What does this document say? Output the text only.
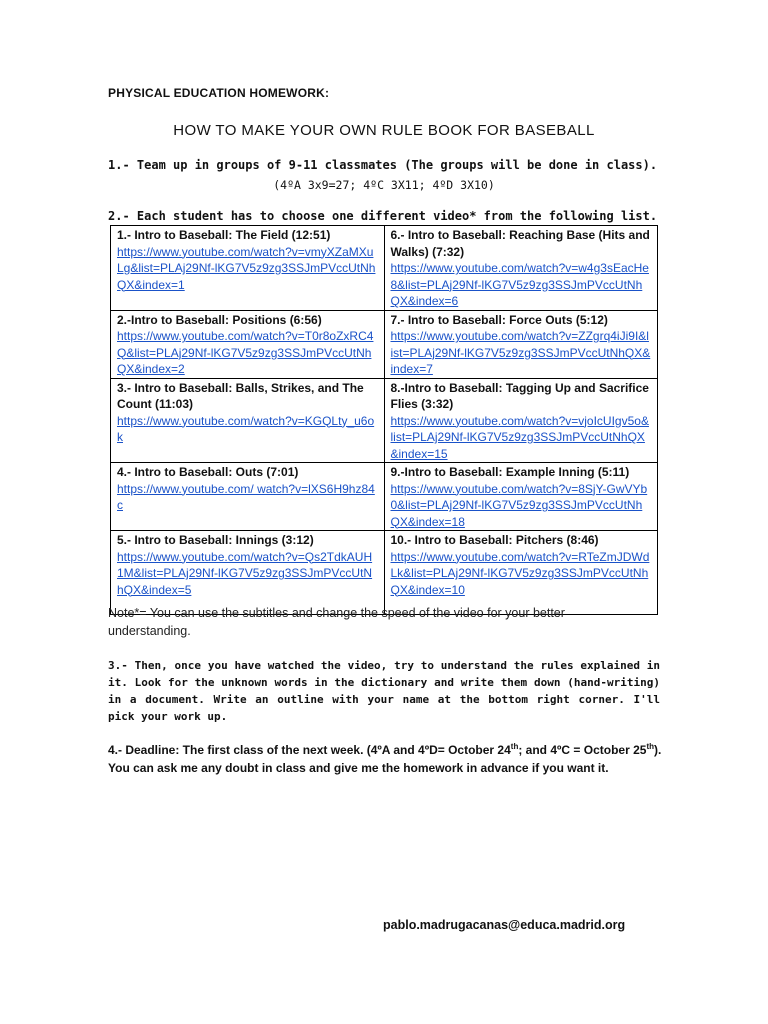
PHYSICAL EDUCATION HOMEWORK:
HOW TO MAKE YOUR OWN RULE BOOK FOR BASEBALL
1.- Team up in groups of 9-11 classmates (The groups will be done in class).
(4ºA 3x9=27; 4ºC 3X11; 4ºD 3X10)
2.- Each student has to choose one different video* from the following list.
1.- Intro to Baseball: The Field (12:51)
https://www.youtube.com/watch?v=vmyXZaMXuLg&list=PLAj29Nf-lKG7V5z9zg3SSJmPVccUtNhQX&index=1	6.- Intro to Baseball: Reaching Base (Hits and Walks) (7:32)
https://www.youtube.com/watch?v=w4g3sEacHe8&list=PLAj29Nf-lKG7V5z9zg3SSJmPVccUtNhQX&index=6

2.-Intro to Baseball: Positions (6:56)
https://www.youtube.com/watch?v=T0r8oZxRC4Q&list=PLAj29Nf-lKG7V5z9zg3SSJmPVccUtNhQX&index=2	7.- Intro to Baseball: Force Outs (5:12)
https://www.youtube.com/watch?v=ZZgrq4iJi9I&list=PLAj29Nf-lKG7V5z9zg3SSJmPVccUtNhQX&index=7

3.- Intro to Baseball: Balls, Strikes, and The Count (11:03)
https://www.youtube.com/watch?v=KGQLty_u6ok	8.-Intro to Baseball: Tagging Up and Sacrifice Flies (3:32)
https://www.youtube.com/watch?v=vjoIcUIgv5o&list=PLAj29Nf-lKG7V5z9zg3SSJmPVccUtNhQX&index=15

4.- Intro to Baseball: Outs (7:01)
https://www.youtube.com/ watch?v=lXS6H9hz84c	9.-Intro to Baseball: Example Inning (5:11)
https://www.youtube.com/watch?v=8SjY-GwVYb0&list=PLAj29Nf-lKG7V5z9zg3SSJmPVccUtNhQX&index=18

5.- Intro to Baseball: Innings (3:12)
https://www.youtube.com/watch?v=Qs2TdkAUH1M&list=PLAj29Nf-lKG7V5z9zg3SSJmPVccUtNhQX&index=5	10.- Intro to Baseball: Pitchers (8:46)
https://www.youtube.com/watch?v=RTeZmJDWdLk&list=PLAj29Nf-lKG7V5z9zg3SSJmPVccUtNhQX&index=10
Note*= You can use the subtitles and change the speed of the video for your better understanding.
3.- Then, once you have watched the video, try to understand the rules explained in it. Look for the unknown words in the dictionary and write them down (hand-writing) in a document. Write an outline with your name at the bottom right corner. I'll pick your work up.
4.- Deadline: The first class of the next week. (4ºA and 4ºD= October 24th; and 4ºC = October 25th). You can ask me any doubt in class and give me the homework in advance if you want it.
pablo.madrugacanas@educa.madrid.org
